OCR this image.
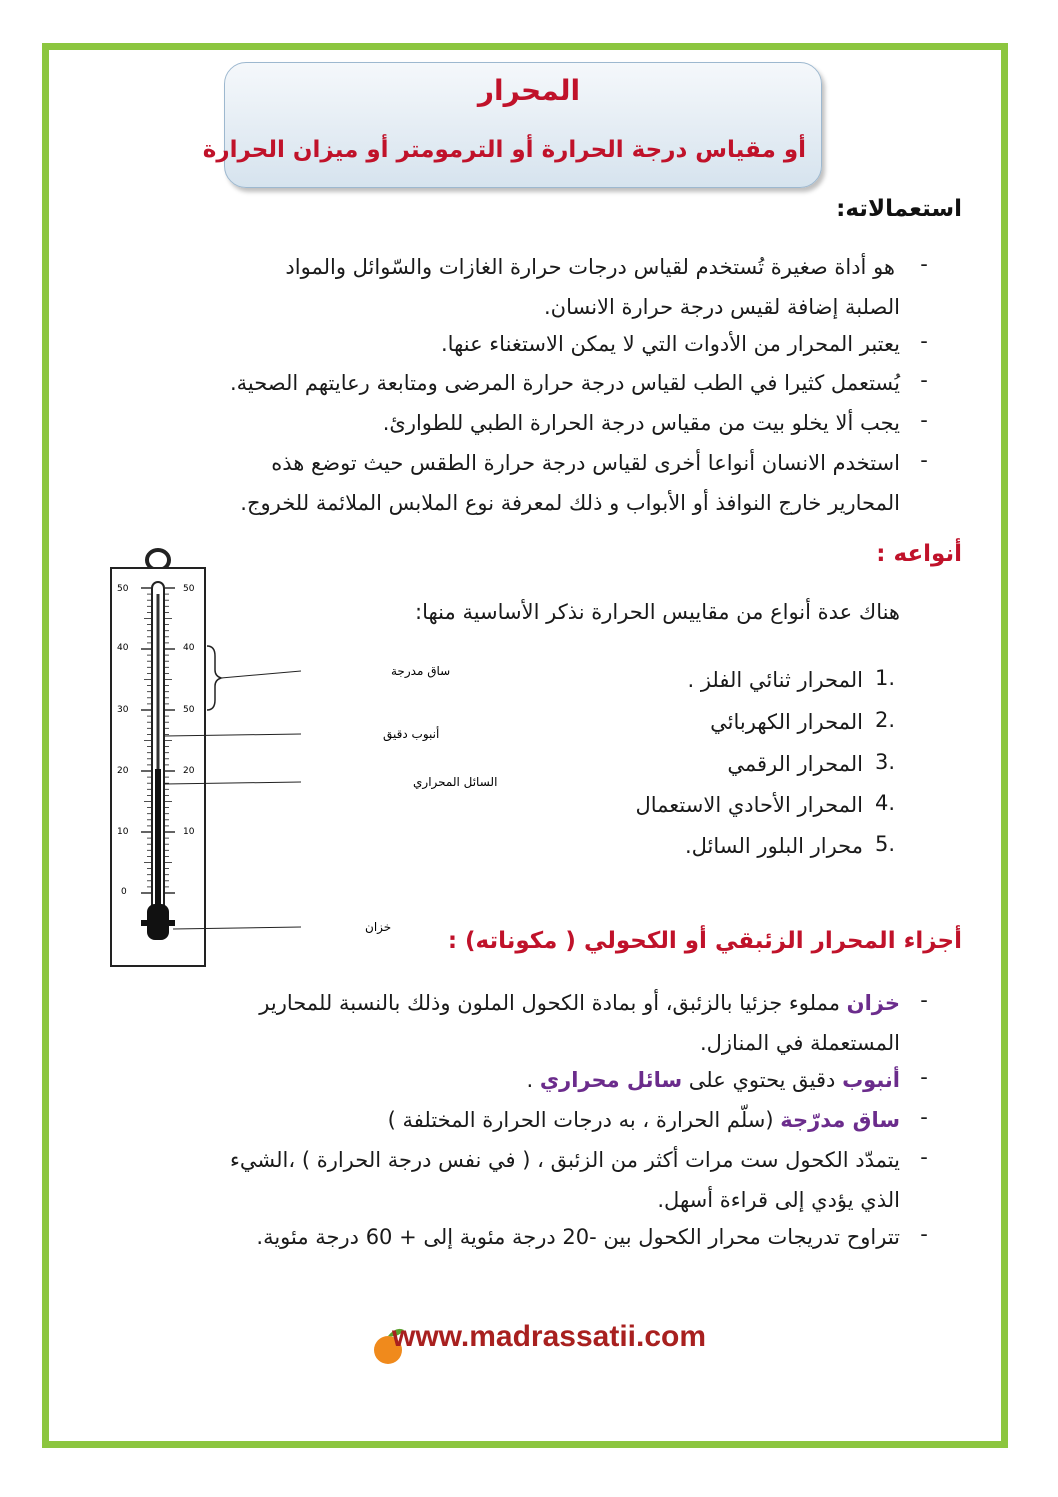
المحرار
أو مقياس درجة الحرارة أو الترمومتر أو ميزان الحرارة
استعمالاته:
-
هو أداة صغيرة تُستخدم لقياس درجات حرارة الغازات والسّوائل والمواد
الصلبة إضافة لقيس درجة حرارة الانسان.
-
يعتبر المحرار من الأدوات التي لا يمكن الاستغناء عنها.
-
يُستعمل كثيرا في الطب لقياس درجة حرارة المرضى ومتابعة رعايتهم الصحية.
-
يجب ألا يخلو بيت من مقياس درجة الحرارة الطبي للطوارئ.
-
استخدم الانسان أنواعا أخرى لقياس درجة حرارة الطقس حيث توضع هذه
المحارير خارج النوافذ أو الأبواب و ذلك لمعرفة نوع الملابس الملائمة للخروج.
أنواعه :
هناك عدة أنواع من مقاييس الحرارة نذكر الأساسية منها:
1.
المحرار ثنائي الفلز .
2.
المحرار الكهربائي
3.
المحرار الرقمي
4.
المحرار الأحادي الاستعمال
5.
محرار البلور السائل.
50
40
30
20
10
0
50
40
50
20
10
ساق مدرجة
أنبوب دقيق
السائل المحراري
خزان
أجزاء المحرار الزئبقي أو الكحولي ( مكوناته) :
-
خزان مملوء جزئيا بالزئبق، أو بمادة الكحول الملون وذلك بالنسبة للمحارير
المستعملة في المنازل.
-
أنبوب دقيق يحتوي على سائل محراري .
-
ساق مدرّجة (سلّم الحرارة ، به درجات الحرارة المختلفة )
-
يتمدّد الكحول ست مرات أكثر من الزئبق ، ( في نفس درجة الحرارة ) ،الشيء
الذي يؤدي إلى قراءة أسهل.
-
تتراوح تدريجات محرار الكحول بين -20 درجة مئوية إلى + 60 درجة مئوية.
www.madrassatii.com
